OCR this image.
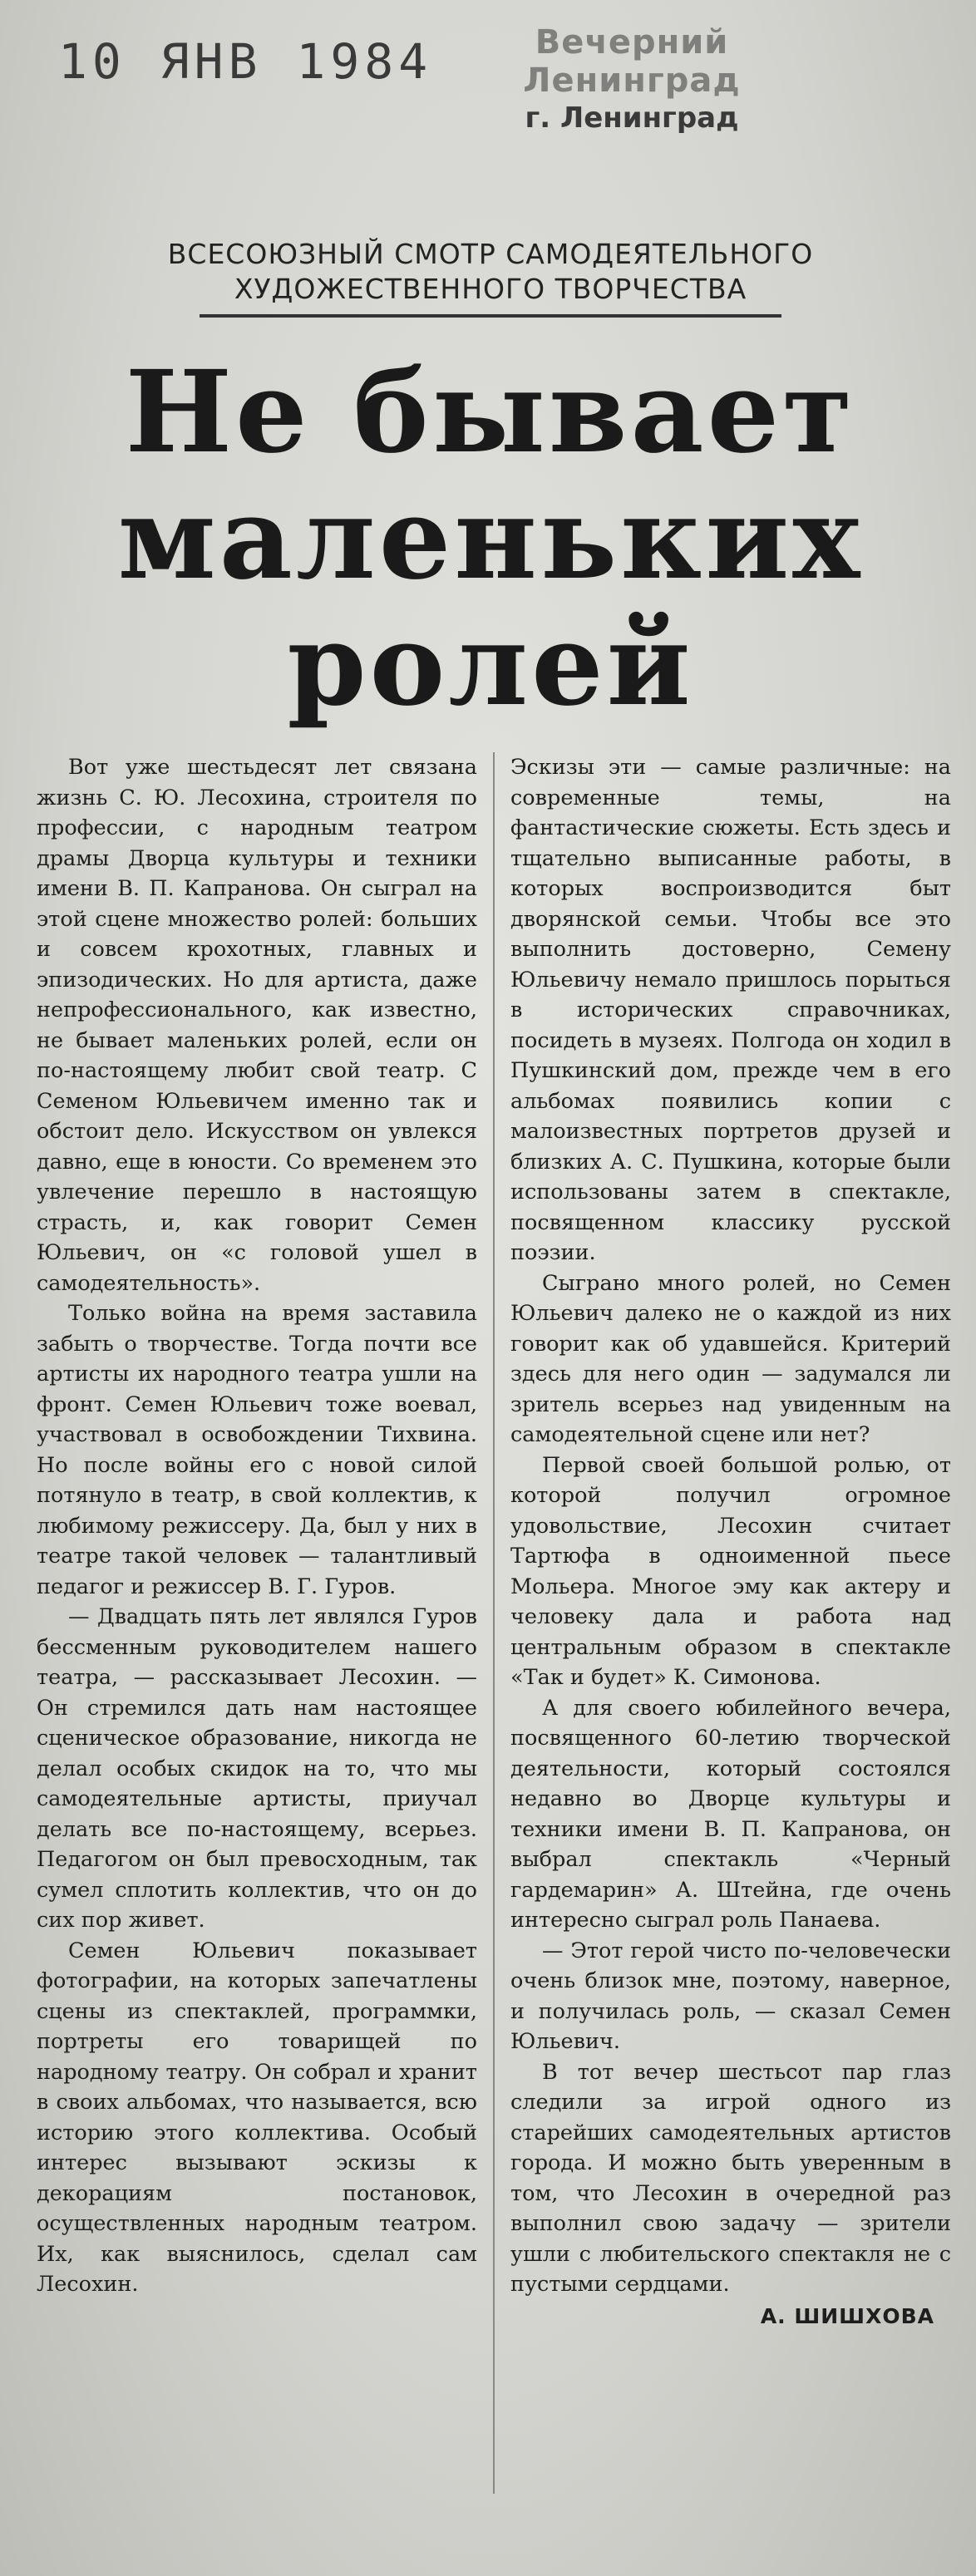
10 ЯНВ 1984	Вечерний Ленинград
г. Ленинград
ВСЕСОЮЗНЫЙ СМОТР САМОДЕЯТЕЛЬНОГО
ХУДОЖЕСТВЕННОГО ТВОРЧЕСТВА
Не бывает
маленьких
ролей

Вот уже шестьдесят лет связана жизнь С. Ю. Лесохина, строителя по профессии, с народным театром драмы Дворца культуры и техники имени В. П. Капранова. Он сыграл на этой сцене множество ролей: больших и совсем крохотных, главных и эпизодических. Но для артиста, даже непрофессионального, как известно, не бывает маленьких ролей, если он по-настоящему любит свой театр. С Семеном Юльевичем именно так и обстоит дело. Искусством он увлекся давно, еще в юности. Со временем это увлечение перешло в настоящую страсть, и, как говорит Семен Юльевич, он «с головой ушел в самодеятельность».

Только война на время заставила забыть о творчестве. Тогда почти все артисты их народного театра ушли на фронт. Семен Юльевич тоже воевал, участвовал в освобождении Тихвина. Но после войны его с новой силой потянуло в театр, в свой коллектив, к любимому режиссеру. Да, был у них в театре такой человек — талантливый педагог и режиссер В. Г. Гуров.

— Двадцать пять лет являлся Гуров бессменным руководителем нашего театра, — рассказывает Лесохин. — Он стремился дать нам настоящее сценическое образование, никогда не делал особых скидок на то, что мы самодеятельные артисты, приучал делать все по-настоящему, всерьез. Педагогом он был превосходным, так сумел сплотить коллектив, что он до сих пор живет.

Семен Юльевич показывает фотографии, на которых запечатлены сцены из спектаклей, программки, портреты его товарищей по народному театру. Он собрал и хранит в своих альбомах, что называется, всю историю этого коллектива. Особый интерес вызывают эскизы к декорациям постановок, осуществленных народным театром. Их, как выяснилось, сделал сам Лесохин.

Эскизы эти — самые различные: на современные темы, на фантастические сюжеты. Есть здесь и тщательно выписанные работы, в которых воспроизводится быт дворянской семьи. Чтобы все это выполнить достоверно, Семену Юльевичу немало пришлось порыться в исторических справочниках, посидеть в музеях. Полгода он ходил в Пушкинский дом, прежде чем в его альбомах появились копии с малоизвестных портретов друзей и близких А. С. Пушкина, которые были использованы затем в спектакле, посвященном классику русской поэзии.

Сыграно много ролей, но Семен Юльевич далеко не о каждой из них говорит как об удавшейся. Критерий здесь для него один — задумался ли зритель всерьез над увиденным на самодеятельной сцене или нет?

Первой своей большой ролью, от которой получил огромное удовольствие, Лесохин считает Тартюфа в одноименной пьесе Мольера. Многое эму как актеру и человеку дала и работа над центральным образом в спектакле «Так и будет» К. Симонова.

А для своего юбилейного вечера, посвященного 60-летию творческой деятельности, который состоялся недавно во Дворце культуры и техники имени В. П. Капранова, он выбрал спектакль «Черный гардемарин» А. Штейна, где очень интересно сыграл роль Панаева.

— Этот герой чисто по-человечески очень близок мне, поэтому, наверное, и получилась роль, — сказал Семен Юльевич.

В тот вечер шестьсот пар глаз следили за игрой одного из старейших самодеятельных артистов города. И можно быть уверенным в том, что Лесохин в очередной раз выполнил свою задачу — зрители ушли с любительского спектакля не с пустыми сердцами.

А. ШИШХОВА
